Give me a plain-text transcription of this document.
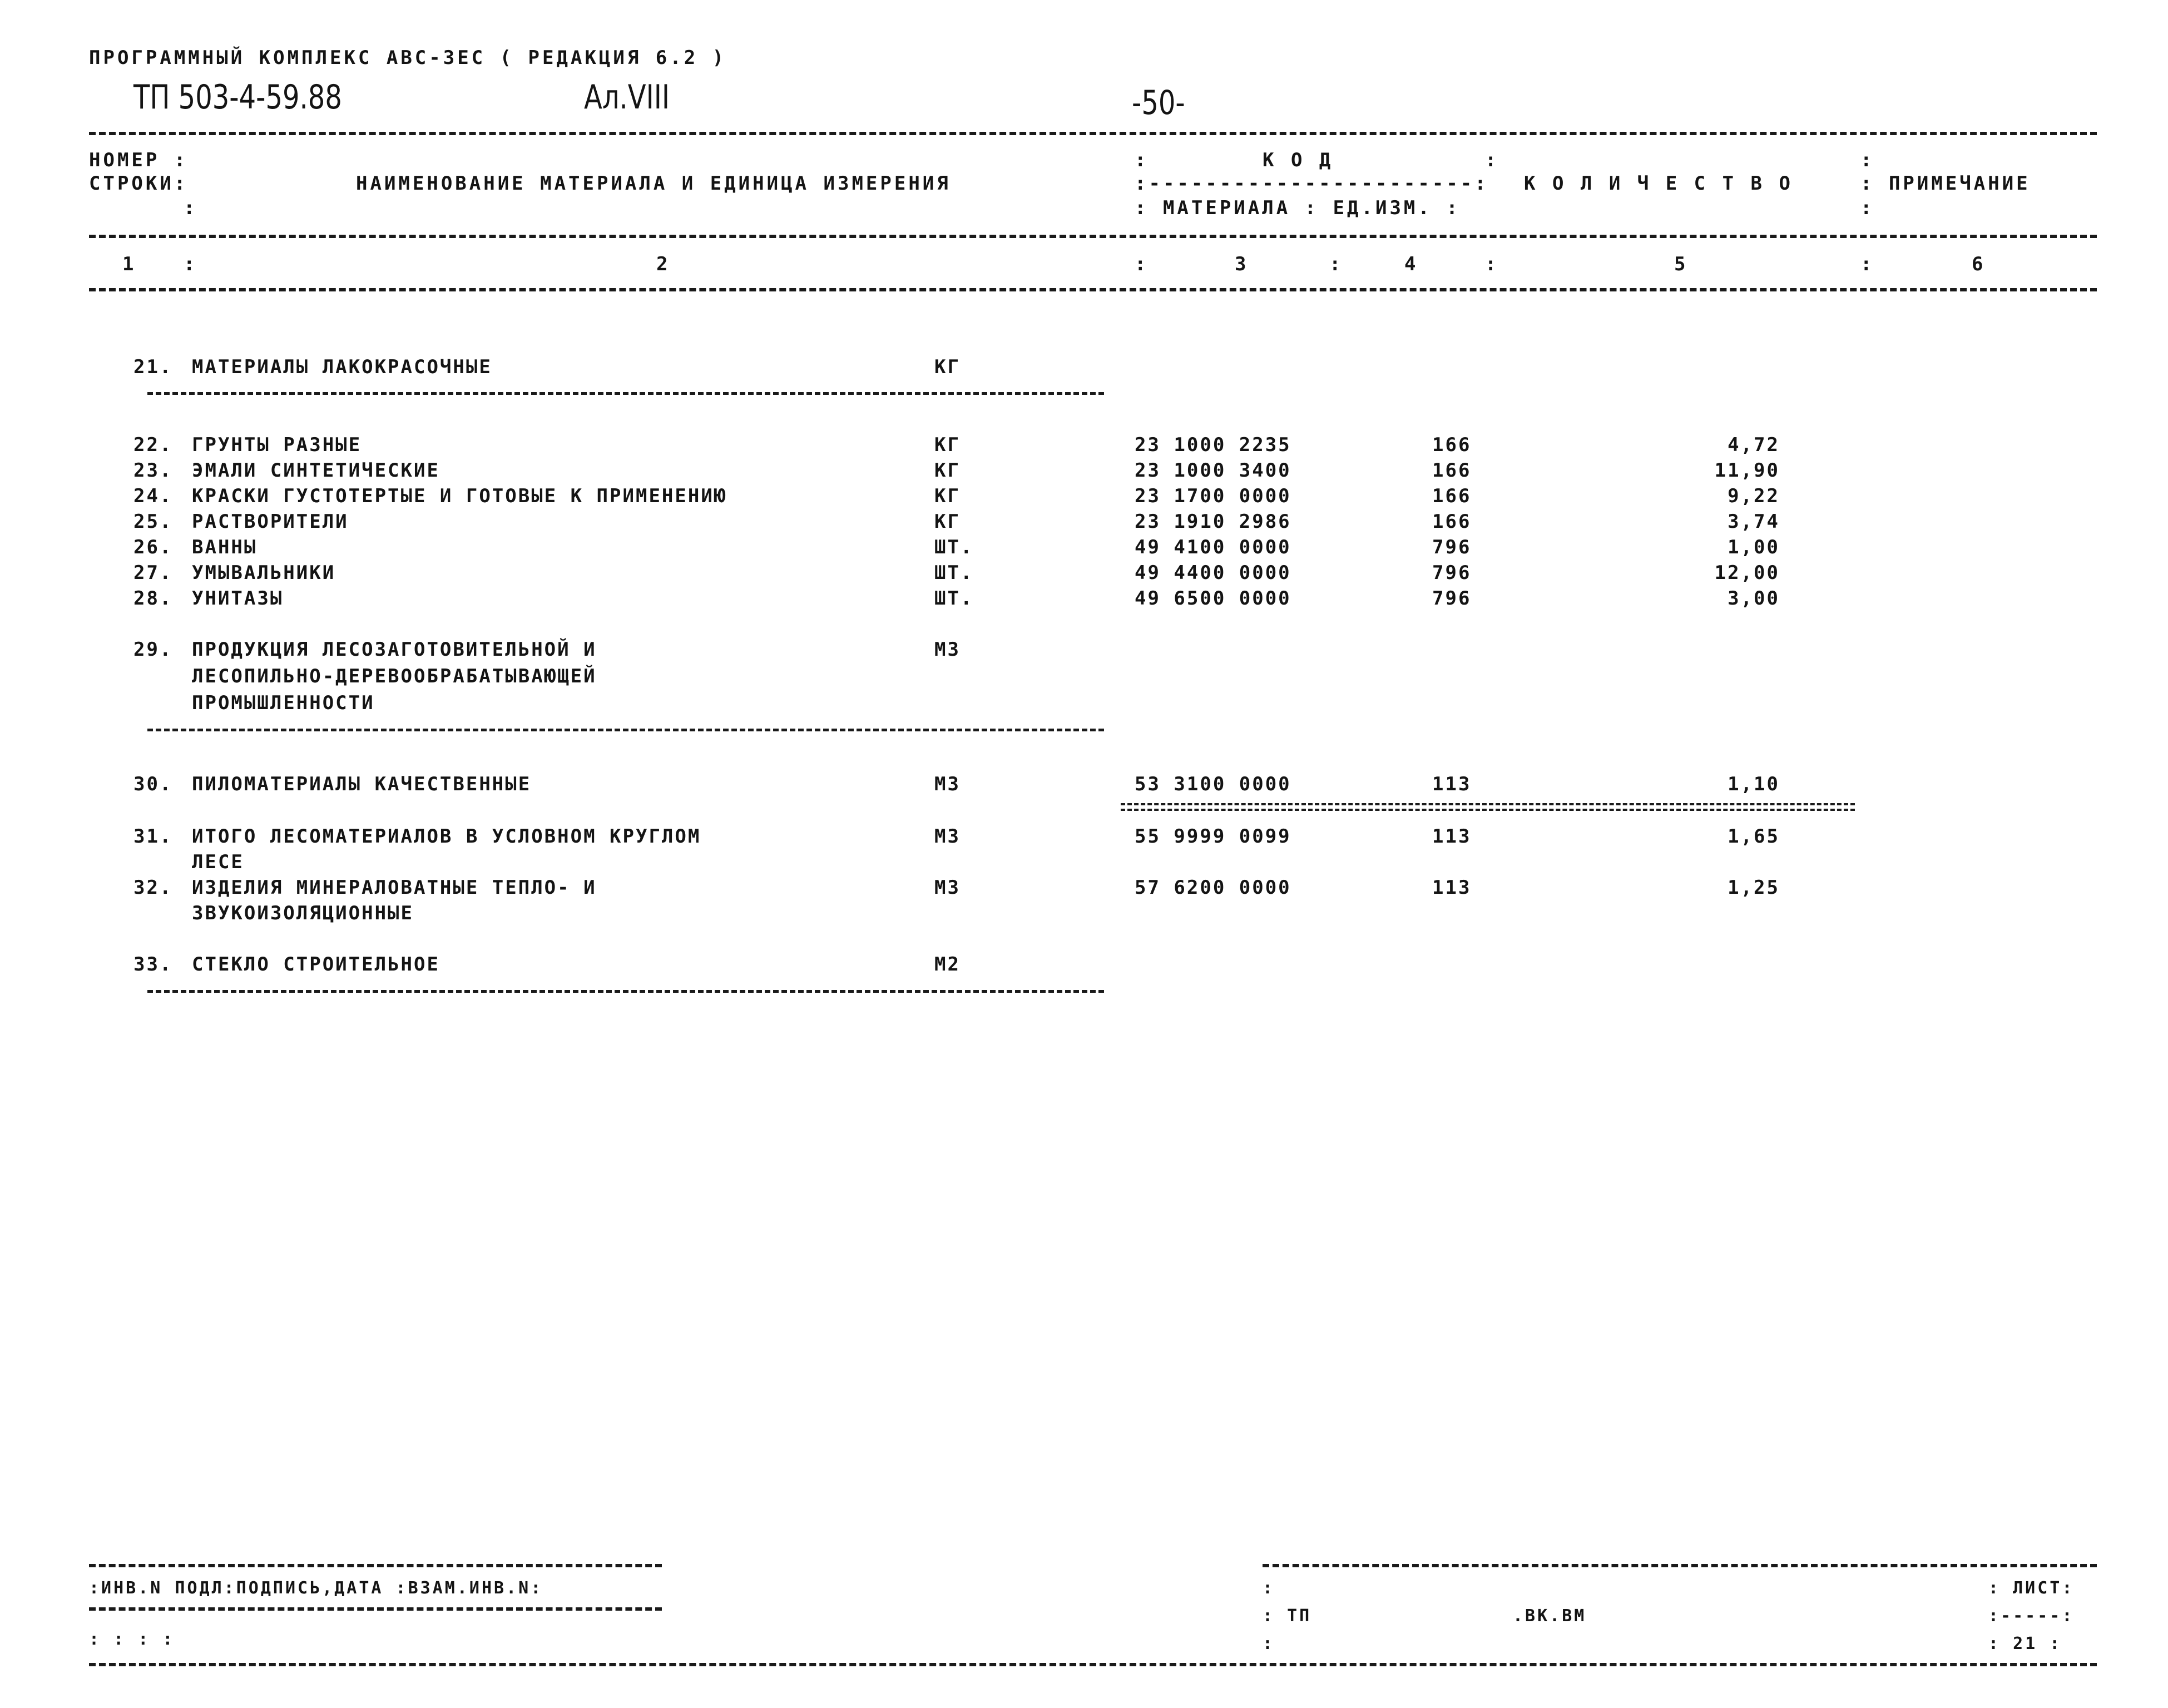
ПРОГРАММНЫЙ КОМПЛЕКС АВС-ЗЕС ( РЕДАКЦИЯ 6.2 )
ТП 503-4-59.88	Ал.VIII	-50-
НОМЕР :
СТРОКИ:
:
НАИМЕНОВАНИЕ МАТЕРИАЛА И ЕДИНИЦА ИЗМЕРЕНИЯ
:	К О Д	:
:-----------------------:
: МАТЕРИАЛА : ЕД.ИЗМ. :
К О Л И Ч Е С Т В О
:
: ПРИМЕЧАНИЕ
:
1 :	2	:	3	:	4	:	5	:	6
21. МАТЕРИАЛЫ ЛАКОКРАСОЧНЫЕ	КГ
22. ГРУНТЫ РАЗНЫЕ	КГ	23 1000 2235	166	4,72
23. ЭМАЛИ СИНТЕТИЧЕСКИЕ	КГ	23 1000 3400	166	11,90
24. КРАСКИ ГУСТОТЕРТЫЕ И ГОТОВЫЕ К ПРИМЕНЕНИЮ	КГ	23 1700 0000	166	9,22
25. РАСТВОРИТЕЛИ	КГ	23 1910 2986	166	3,74
26. ВАННЫ	ШТ.	49 4100 0000	796	1,00
27. УМЫВАЛЬНИКИ	ШТ.	49 4400 0000	796	12,00
28. УНИТАЗЫ	ШТ.	49 6500 0000	796	3,00
29. ПРОДУКЦИЯ ЛЕСОЗАГОТОВИТЕЛЬНОЙ И	М3
ЛЕСОПИЛЬНО-ДЕРЕВООБРАБАТЫВАЮЩЕЙ
ПРОМЫШЛЕННОСТИ
30. ПИЛОМАТЕРИАЛЫ КАЧЕСТВЕННЫЕ	М3	53 3100 0000	113	1,10
31. ИТОГО ЛЕСОМАТЕРИАЛОВ В УСЛОВНОМ КРУГЛОМ	М3	55 9999 0099	113	1,65
ЛЕСЕ
32. ИЗДЕЛИЯ МИНЕРАЛОВАТНЫЕ ТЕПЛО- И	М3	57 6200 0000	113	1,25
ЗВУКОИЗОЛЯЦИОННЫЕ
33. СТЕКЛО СТРОИТЕЛЬНОЕ	М2
:ИНВ.N ПОДЛ:ПОДПИСЬ,ДАТА :ВЗАМ.ИНВ.N:
: : : :
:
: ТП	.ВК.ВМ
:
: ЛИСТ:
:-----:
: 21 :
